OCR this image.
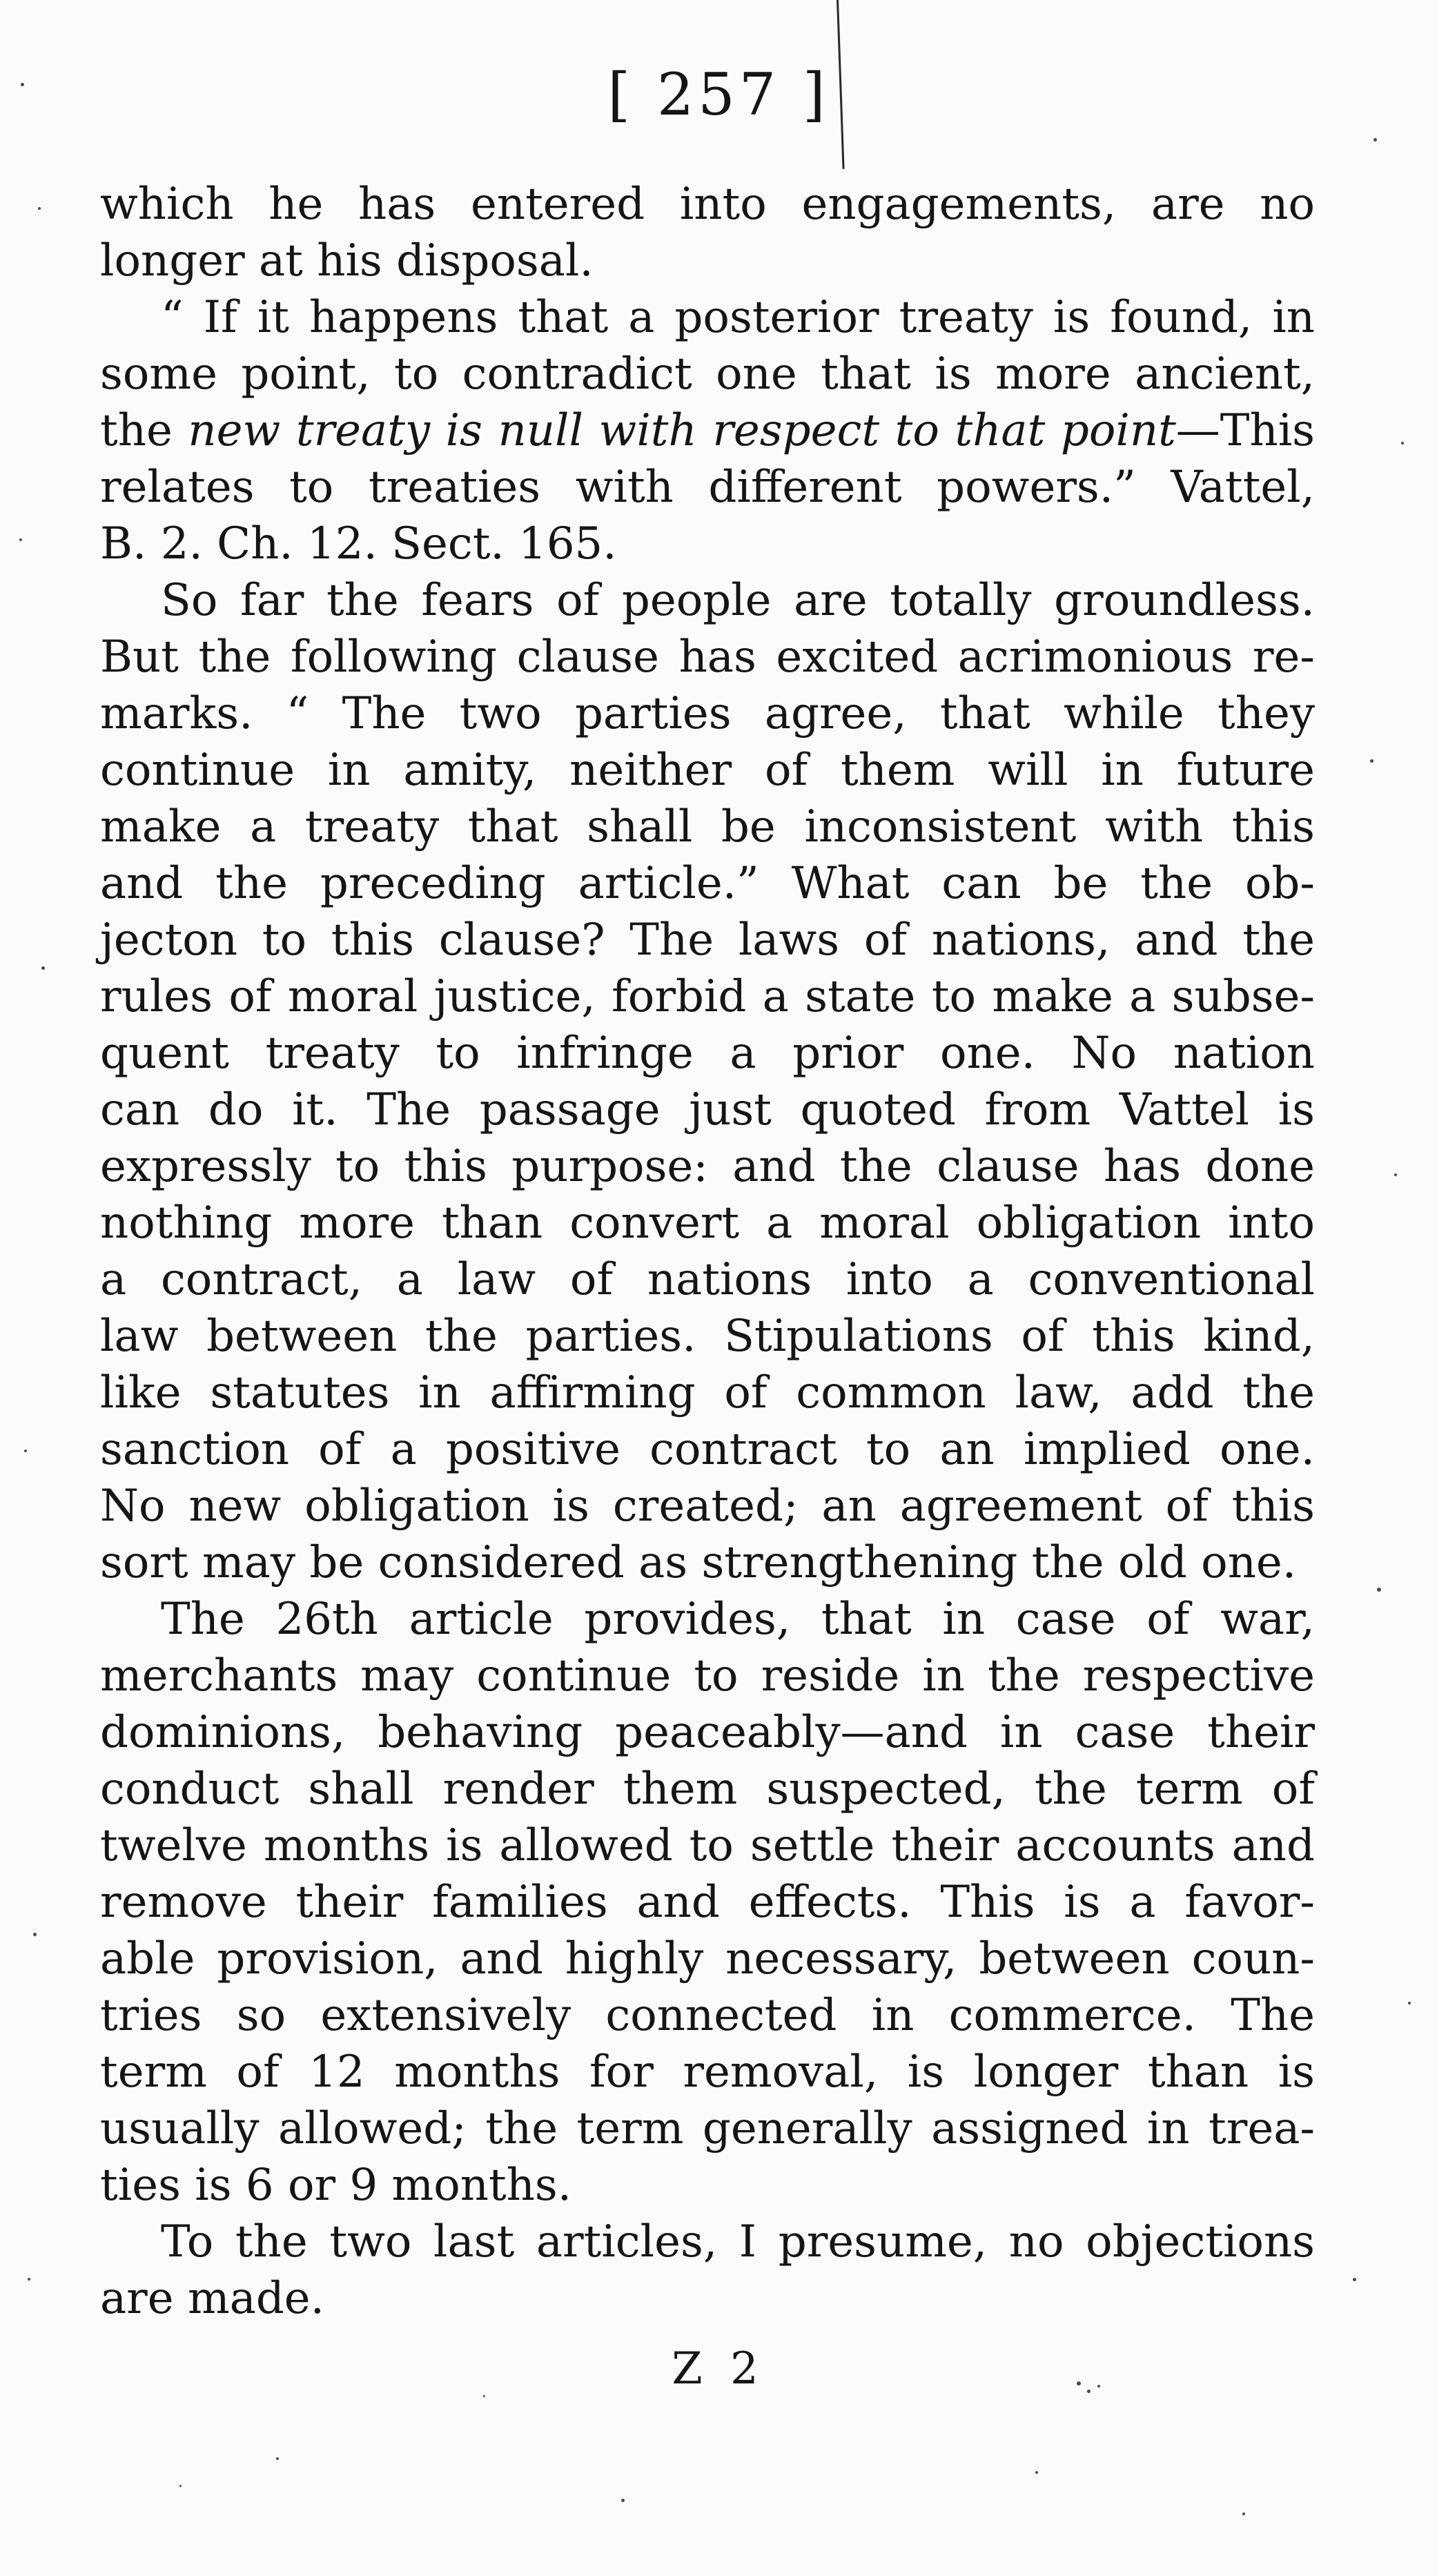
[ 257 ]
which he has entered into engagements, are no
longer at his disposal.
“ If it happens that a posterior treaty is found, in
some point, to contradict one that is more ancient,
the new treaty is null with respect to that point—This
relates to treaties with different powers.” Vattel,
B. 2. Ch. 12. Sect. 165.
So far the fears of people are totally groundless.
But the following clause has excited acrimonious re-
marks. “ The two parties agree, that while they
continue in amity, neither of them will in future
make a treaty that shall be inconsistent with this
and the preceding article.” What can be the ob-
jecton to this clause? The laws of nations, and the
rules of moral justice, forbid a state to make a subse-
quent treaty to infringe a prior one. No nation
can do it. The passage just quoted from Vattel is
expressly to this purpose: and the clause has done
nothing more than convert a moral obligation into
a contract, a law of nations into a conventional
law between the parties. Stipulations of this kind,
like statutes in affirming of common law, add the
sanction of a positive contract to an implied one.
No new obligation is created; an agreement of this
sort may be considered as strengthening the old one.
The 26th article provides, that in case of war,
merchants may continue to reside in the respective
dominions, behaving peaceably—and in case their
conduct shall render them suspected, the term of
twelve months is allowed to settle their accounts and
remove their families and effects. This is a favor-
able provision, and highly necessary, between coun-
tries so extensively connected in commerce. The
term of 12 months for removal, is longer than is
usually allowed; the term generally assigned in trea-
ties is 6 or 9 months.
To the two last articles, I presume, no objections
are made.
Z 2
